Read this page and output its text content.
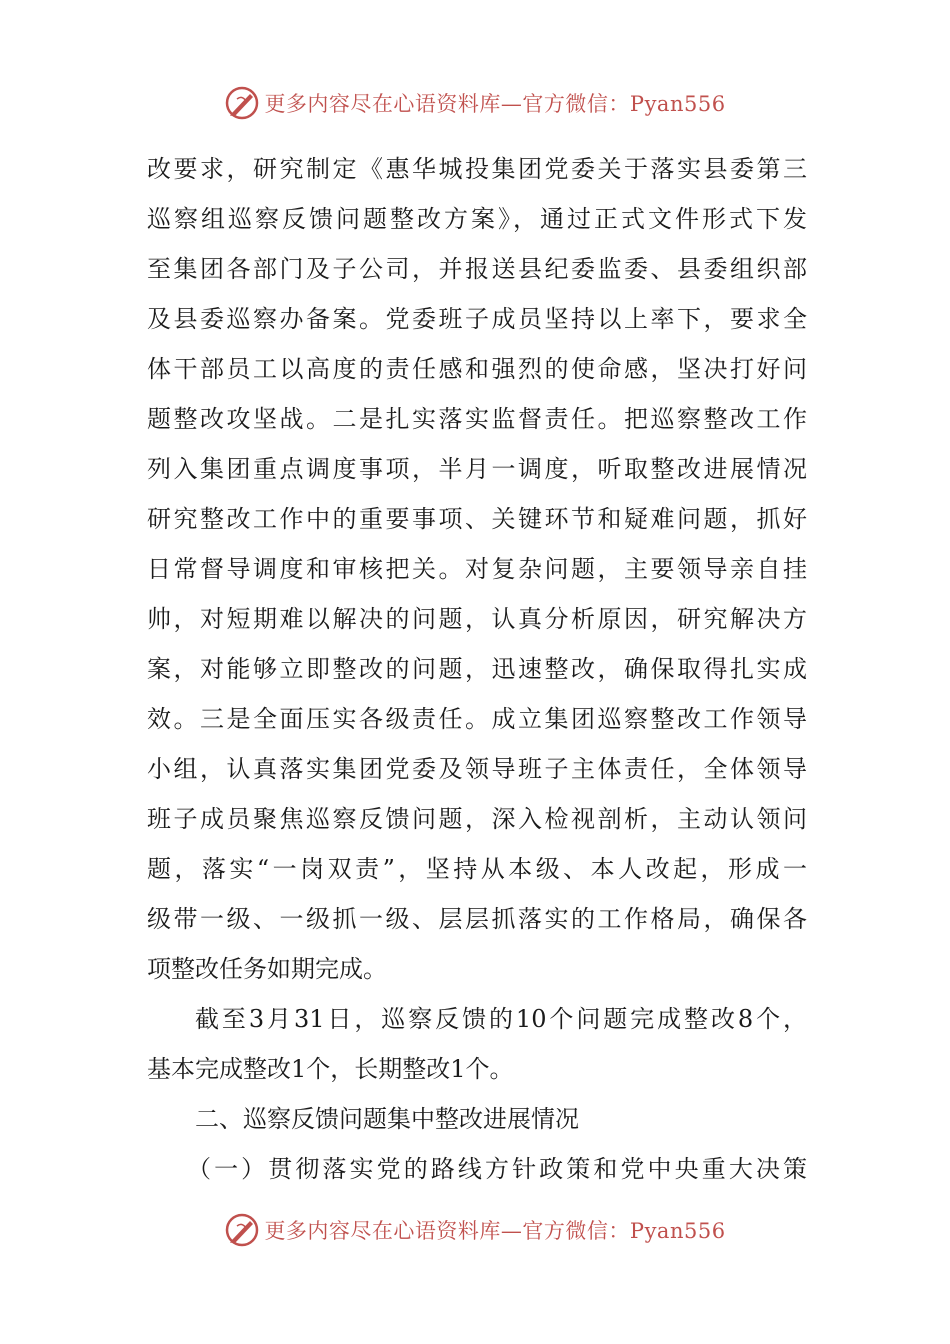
更多内容尽在心语资料库—官方微信：Pyan556
改要求，研究制定《惠华城投集团党委关于落实县委第三
巡察组巡察反馈问题整改方案》，通过正式文件形式下发
至集团各部门及子公司，并报送县纪委监委、县委组织部
及县委巡察办备案。党委班子成员坚持以上率下，要求全
体干部员工以高度的责任感和强烈的使命感，坚决打好问
题整改攻坚战。二是扎实落实监督责任。把巡察整改工作
列入集团重点调度事项，半月一调度，听取整改进展情况
研究整改工作中的重要事项、关键环节和疑难问题，抓好
日常督导调度和审核把关。对复杂问题，主要领导亲自挂
帅，对短期难以解决的问题，认真分析原因，研究解决方
案，对能够立即整改的问题，迅速整改，确保取得扎实成
效。三是全面压实各级责任。成立集团巡察整改工作领导
小组，认真落实集团党委及领导班子主体责任，全体领导
班子成员聚焦巡察反馈问题，深入检视剖析，主动认领问
题，落实“一岗双责”，坚持从本级、本人改起，形成一
级带一级、一级抓一级、层层抓落实的工作格局，确保各
项整改任务如期完成。
截至3月31日，巡察反馈的10个问题完成整改8个，
基本完成整改1个，长期整改1个。
二、巡察反馈问题集中整改进展情况
（一）贯彻落实党的路线方针政策和党中央重大决策
更多内容尽在心语资料库—官方微信：Pyan556
